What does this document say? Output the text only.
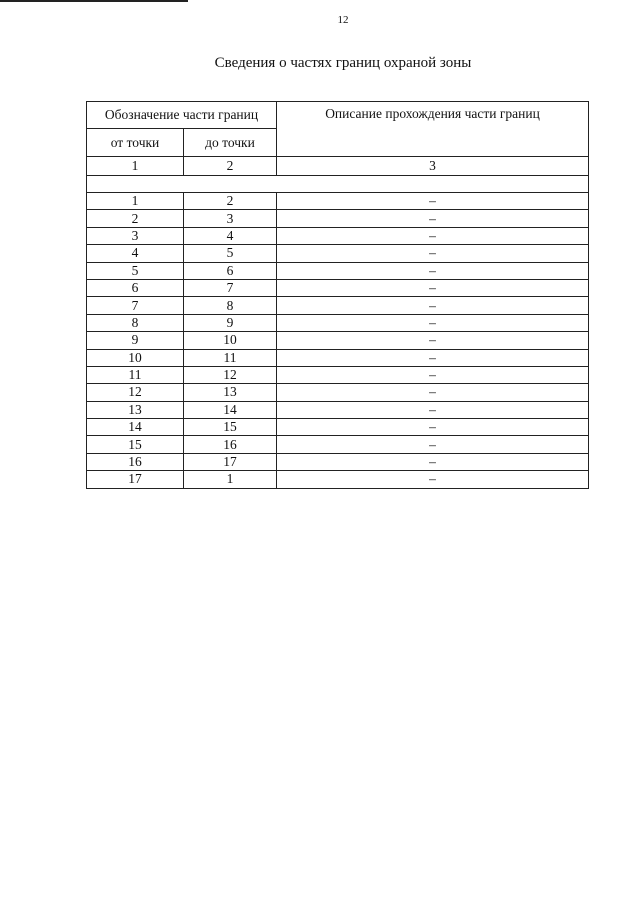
12
Сведения о частях границ охраной зоны
Обозначение части границ		Описание прохождения части границ
от точки	до точки	
1	2	3

1	2	–
2	3	–
3	4	–
4	5	–
5	6	–
6	7	–
7	8	–
8	9	–
9	10	–
10	11	–
11	12	–
12	13	–
13	14	–
14	15	–
15	16	–
16	17	–
17	1	–
